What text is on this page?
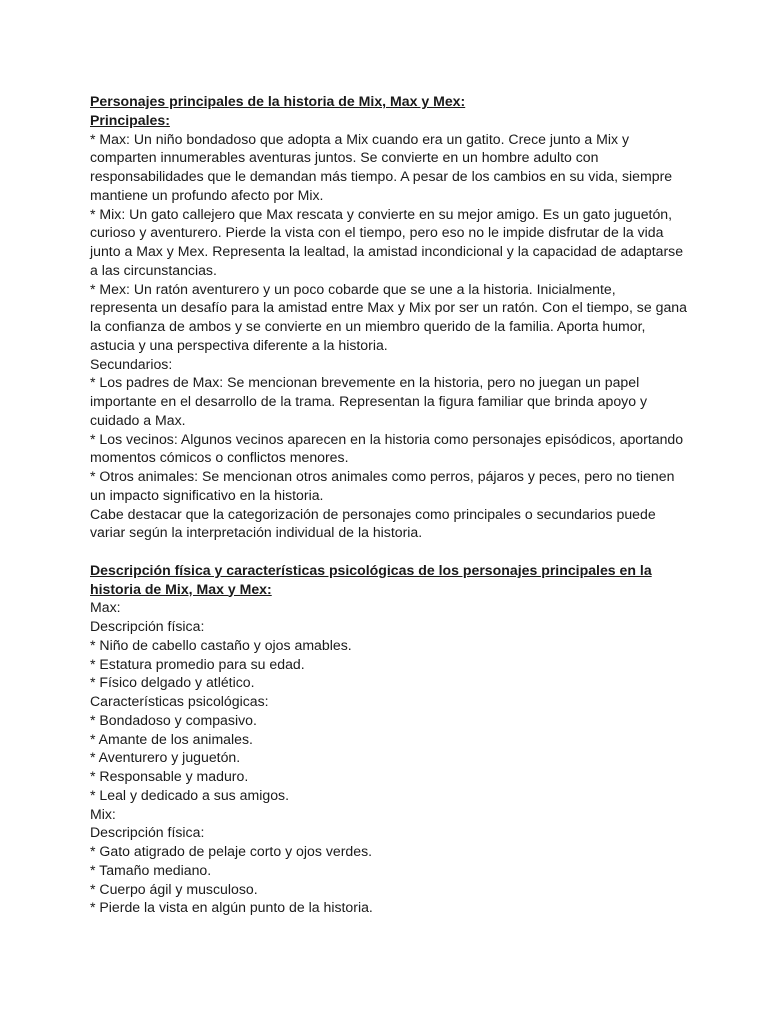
Personajes principales de la historia de Mix, Max y Mex:
Principales:
* Max: Un niño bondadoso que adopta a Mix cuando era un gatito. Crece junto a Mix y
comparten innumerables aventuras juntos. Se convierte en un hombre adulto con
responsabilidades que le demandan más tiempo. A pesar de los cambios en su vida, siempre
mantiene un profundo afecto por Mix.
* Mix: Un gato callejero que Max rescata y convierte en su mejor amigo. Es un gato juguetón,
curioso y aventurero. Pierde la vista con el tiempo, pero eso no le impide disfrutar de la vida
junto a Max y Mex. Representa la lealtad, la amistad incondicional y la capacidad de adaptarse
a las circunstancias.
* Mex: Un ratón aventurero y un poco cobarde que se une a la historia. Inicialmente,
representa un desafío para la amistad entre Max y Mix por ser un ratón. Con el tiempo, se gana
la confianza de ambos y se convierte en un miembro querido de la familia. Aporta humor,
astucia y una perspectiva diferente a la historia.
Secundarios:
* Los padres de Max: Se mencionan brevemente en la historia, pero no juegan un papel
importante en el desarrollo de la trama. Representan la figura familiar que brinda apoyo y
cuidado a Max.
* Los vecinos: Algunos vecinos aparecen en la historia como personajes episódicos, aportando
momentos cómicos o conflictos menores.
* Otros animales: Se mencionan otros animales como perros, pájaros y peces, pero no tienen
un impacto significativo en la historia.
Cabe destacar que la categorización de personajes como principales o secundarios puede
variar según la interpretación individual de la historia.
Descripción física y características psicológicas de los personajes principales en la
historia de Mix, Max y Mex:
Max:
Descripción física:
* Niño de cabello castaño y ojos amables.
* Estatura promedio para su edad.
* Físico delgado y atlético.
Características psicológicas:
* Bondadoso y compasivo.
* Amante de los animales.
* Aventurero y juguetón.
* Responsable y maduro.
* Leal y dedicado a sus amigos.
Mix:
Descripción física:
* Gato atigrado de pelaje corto y ojos verdes.
* Tamaño mediano.
* Cuerpo ágil y musculoso.
* Pierde la vista en algún punto de la historia.
